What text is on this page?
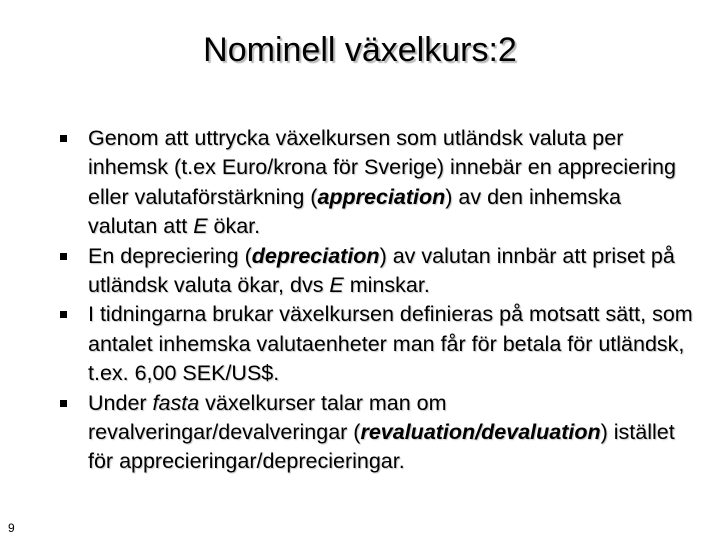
Nominell växelkurs:2
Genom att uttrycka växelkursen som utländsk valuta per inhemsk (t.ex Euro/krona för Sverige) innebär en appreciering eller valutaförstärkning (appreciation) av den inhemska valutan att E ökar.
En depreciering (depreciation) av valutan innbär att priset på utländsk valuta ökar, dvs E minskar.
I tidningarna brukar växelkursen definieras på motsatt sätt, som antalet inhemska valutaenheter man får för betala för utländsk, t.ex. 6,00 SEK/US$.
Under fasta växelkurser talar man om revalveringar/devalveringar (revaluation/devaluation) istället för apprecieringar/deprecieringar.
9
